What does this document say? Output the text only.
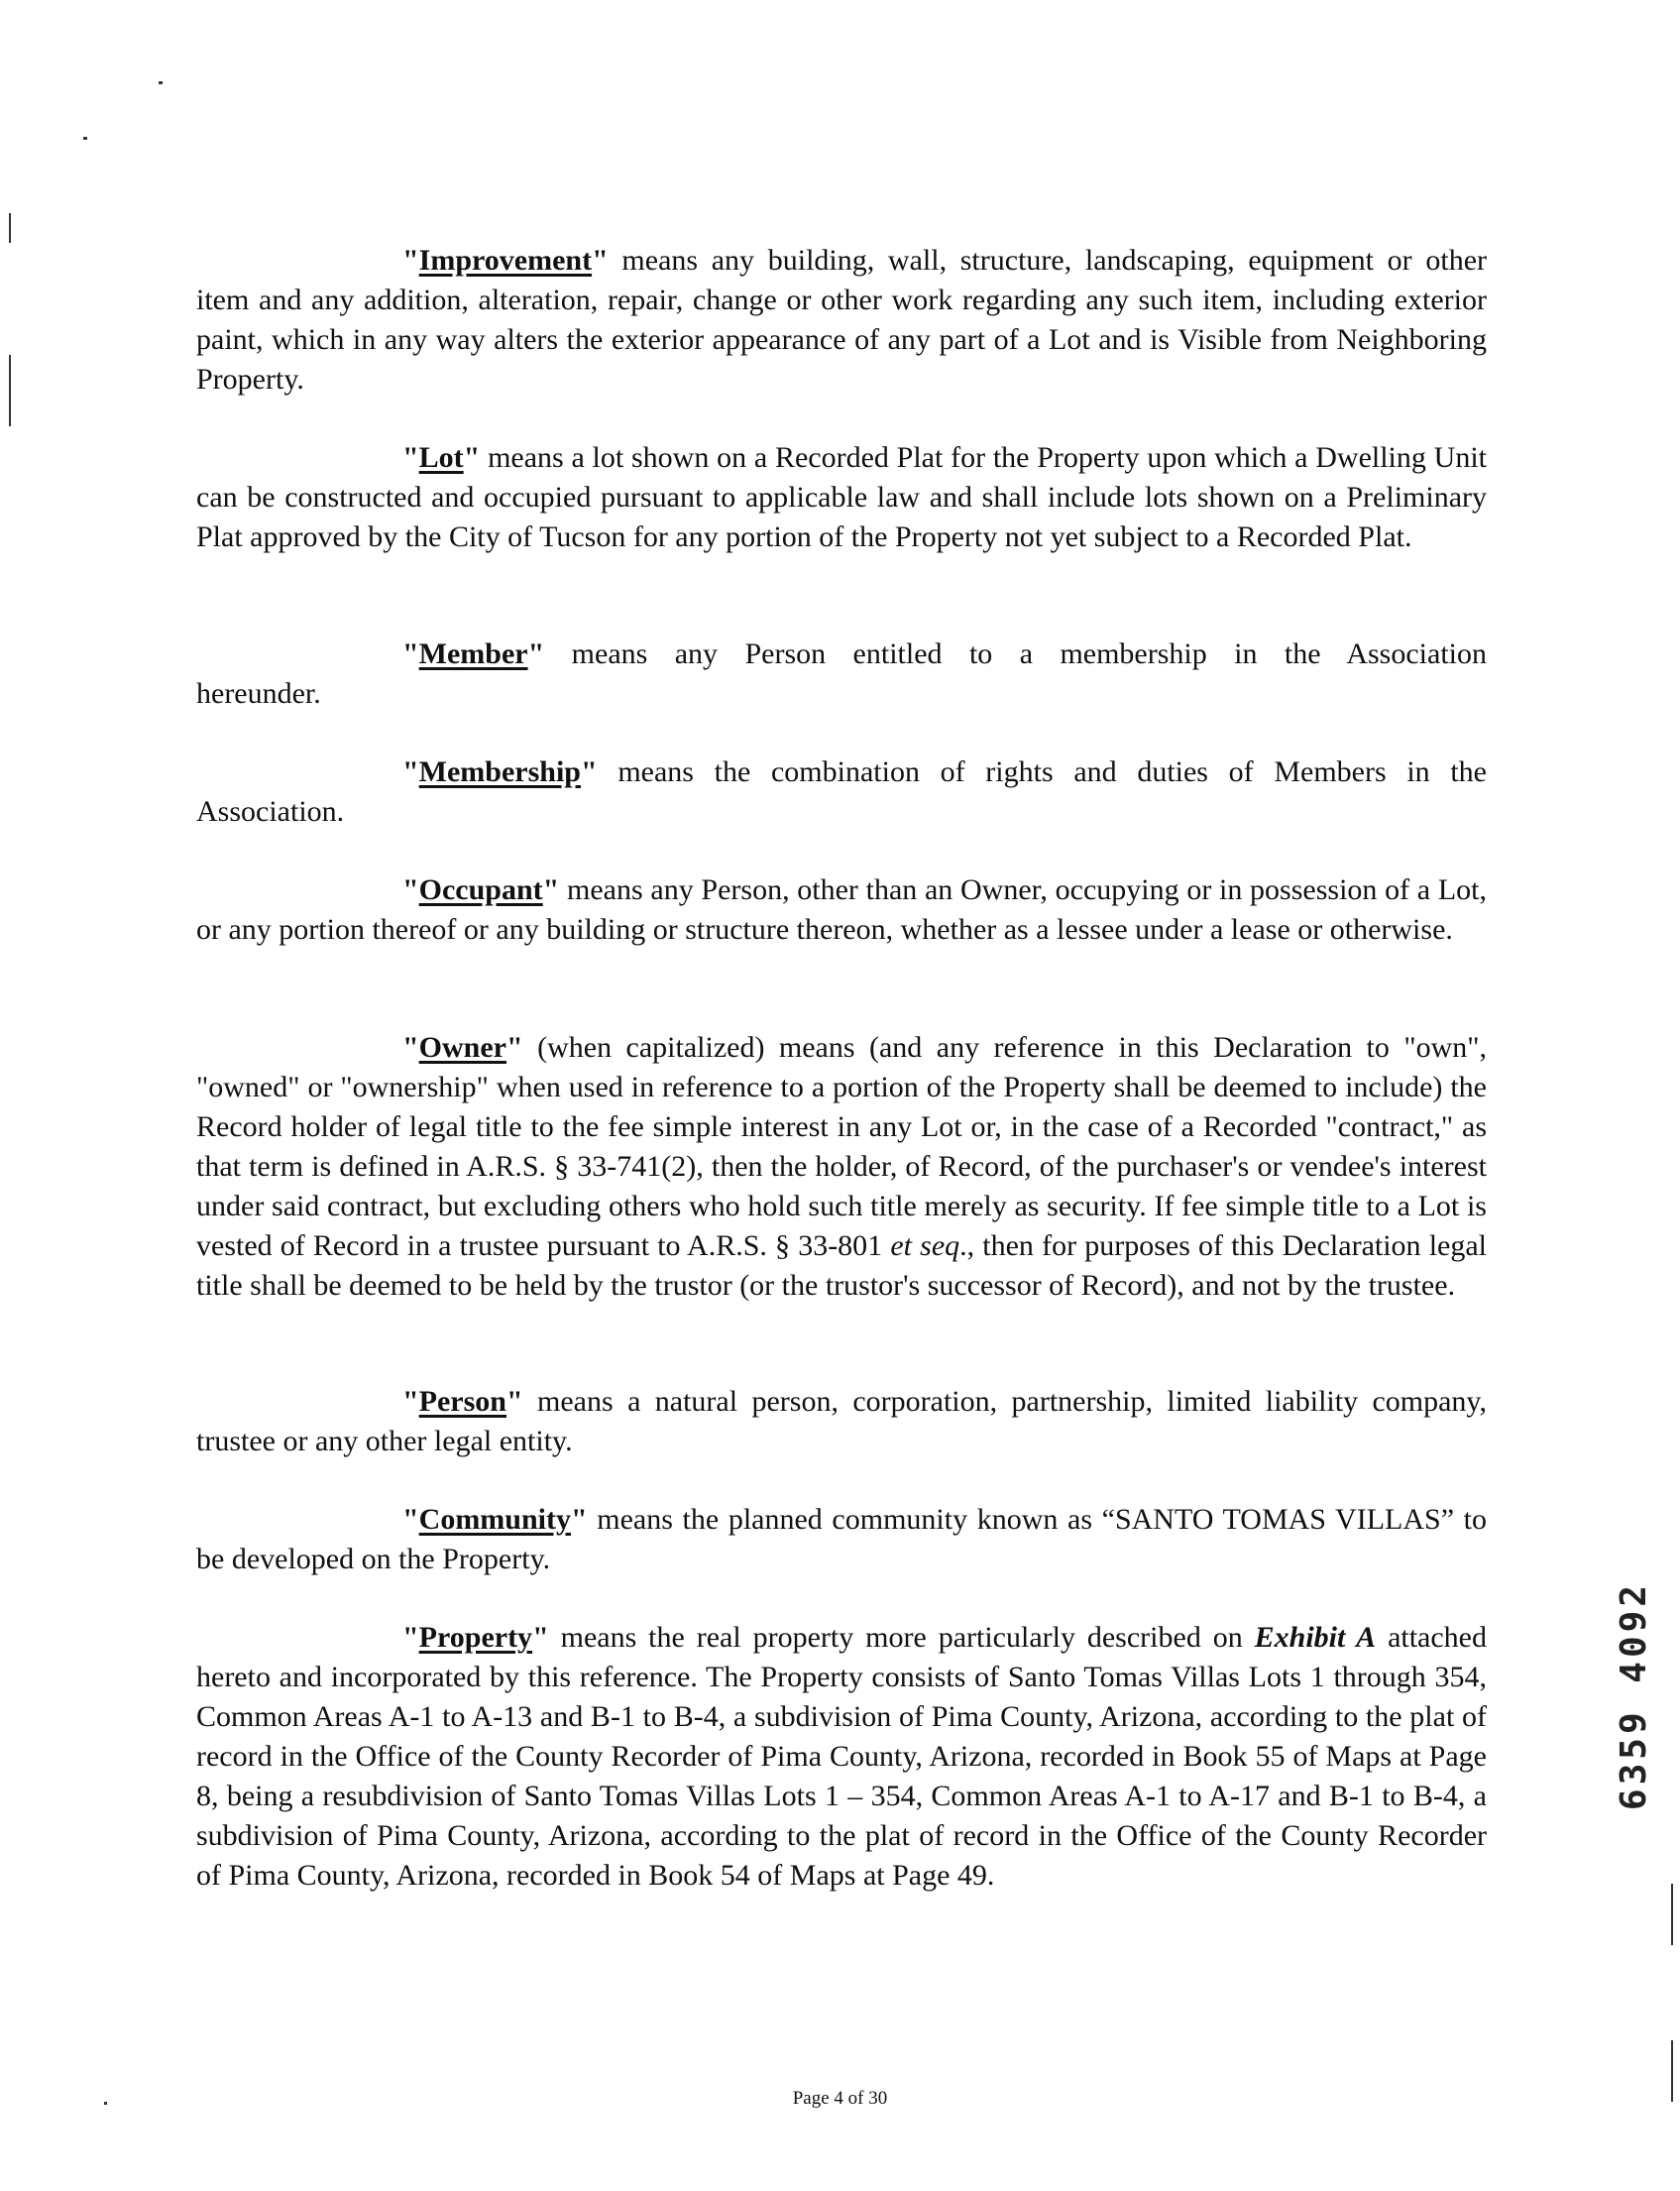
"Improvement" means any building, wall, structure, landscaping, equipment or other item and any addition, alteration, repair, change or other work regarding any such item, including exterior paint, which in any way alters the exterior appearance of any part of a Lot and is Visible from Neighboring Property.

"Lot" means a lot shown on a Recorded Plat for the Property upon which a Dwelling Unit can be constructed and occupied pursuant to applicable law and shall include lots shown on a Preliminary Plat approved by the City of Tucson for any portion of the Property not yet subject to a Recorded Plat.

"Member" means any Person entitled to a membership in the Association
hereunder.
"Membership" means the combination of rights and duties of Members in the
Association.

"Occupant" means any Person, other than an Owner, occupying or in possession of a Lot, or any portion thereof or any building or structure thereon, whether as a lessee under a lease or otherwise.

"Owner" (when capitalized) means (and any reference in this Declaration to "own", "owned" or "ownership" when used in reference to a portion of the Property shall be deemed to include) the Record holder of legal title to the fee simple interest in any Lot or, in the case of a Recorded "contract," as that term is defined in A.R.S. § 33-741(2), then the holder, of Record, of the purchaser's or vendee's interest under said contract, but excluding others who hold such title merely as security. If fee simple title to a Lot is vested of Record in a trustee pursuant to A.R.S. § 33-801 et seq., then for purposes of this Declaration legal title shall be deemed to be held by the trustor (or the trustor's successor of Record), and not by the trustee.

"Person" means a natural person, corporation, partnership, limited liability company, trustee or any other legal entity.

"Community" means the planned community known as “SANTO TOMAS VILLAS” to be developed on the Property.

"Property" means the real property more particularly described on Exhibit A attached hereto and incorporated by this reference. The Property consists of Santo Tomas Villas Lots 1 through 354, Common Areas A-1 to A-13 and B-1 to B-4, a subdivision of Pima County, Arizona, according to the plat of record in the Office of the County Recorder of Pima County, Arizona, recorded in Book 55 of Maps at Page 8, being a resubdivision of Santo Tomas Villas Lots 1 – 354, Common Areas A-1 to A-17 and B-1 to B-4, a subdivision of Pima County, Arizona, according to the plat of record in the Office of the County Recorder of Pima County, Arizona, recorded in Book 54 of Maps at Page 49.

Page 4 of 30
6359 4092
